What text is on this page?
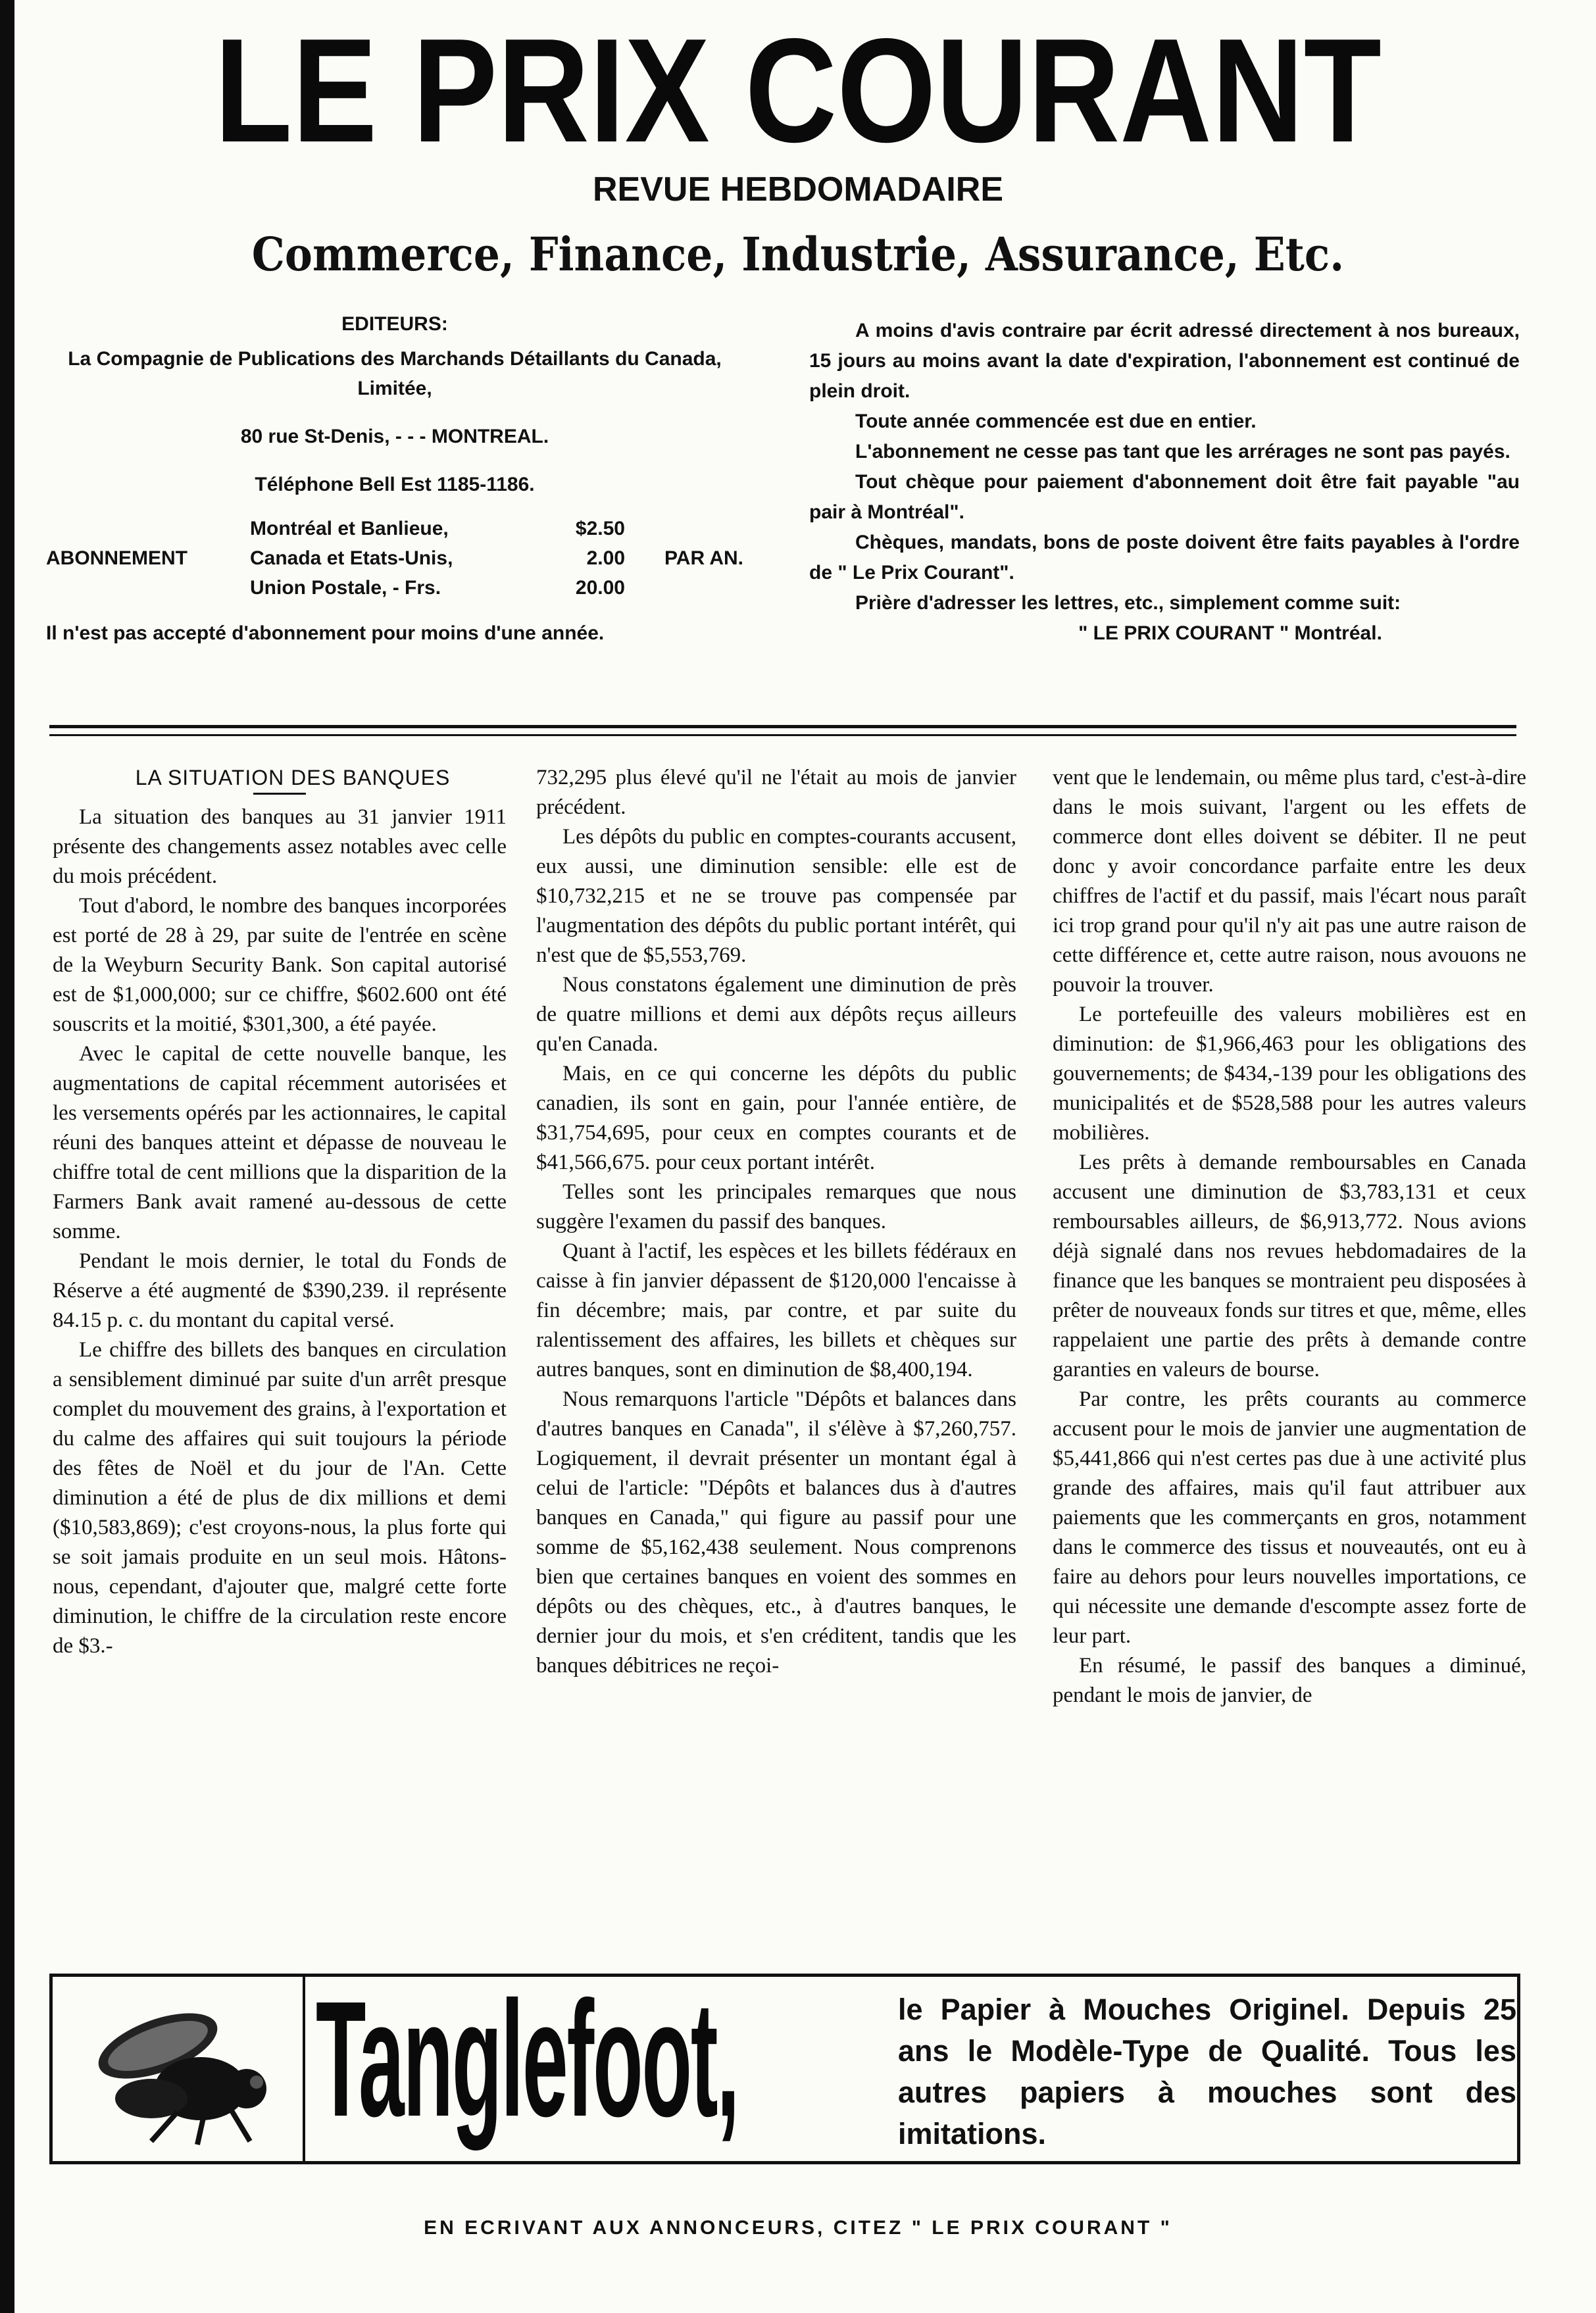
LE PRIX COURANT
REVUE HEBDOMADAIRE
Commerce, Finance, Industrie, Assurance, Etc.
EDITEURS:
La Compagnie de Publications des Marchands Détaillants du Canada, Limitée,
80 rue St-Denis, - - - MONTREAL.
Téléphone Bell Est 1185-1186.
ABONNEMENT
Montréal et Banlieue,	$2.50
Canada et Etats-Unis,	2.00
Union Postale, - Frs.	20.00
PAR AN.
Il n'est pas accepté d'abonnement pour moins d'une année.

A moins d'avis contraire par écrit adressé directement à nos bureaux, 15 jours au moins avant la date d'expiration, l'abonnement est continué de plein droit.

Toute année commencée est due en entier.

L'abonnement ne cesse pas tant que les arrérages ne sont pas payés.

Tout chèque pour paiement d'abonnement doit être fait payable "au pair à Montréal".

Chèques, mandats, bons de poste doivent être faits payables à l'ordre de " Le Prix Courant".

Prière d'adresser les lettres, etc., simplement comme suit:

" LE PRIX COURANT " Montréal.

LA SITUATION DES BANQUES

La situation des banques au 31 janvier 1911 présente des changements assez notables avec celle du mois précédent.

Tout d'abord, le nombre des banques incorporées est porté de 28 à 29, par suite de l'entrée en scène de la Weyburn Security Bank. Son capital autorisé est de $1,000,000; sur ce chiffre, $602.600 ont été souscrits et la moitié, $301,300, a été payée.

Avec le capital de cette nouvelle banque, les augmentations de capital récemment autorisées et les versements opérés par les actionnaires, le capital réuni des banques atteint et dépasse de nouveau le chiffre total de cent millions que la disparition de la Farmers Bank avait ramené au-dessous de cette somme.

Pendant le mois dernier, le total du Fonds de Réserve a été augmenté de $390,239. il représente 84.15 p. c. du montant du capital versé.

Le chiffre des billets des banques en circulation a sensiblement diminué par suite d'un arrêt presque complet du mouvement des grains, à l'exportation et du calme des affaires qui suit toujours la période des fêtes de Noël et du jour de l'An. Cette diminution a été de plus de dix millions et demi ($10,583,869); c'est croyons-nous, la plus forte qui se soit jamais produite en un seul mois. Hâtons-nous, cependant, d'ajouter que, malgré cette forte diminution, le chiffre de la circulation reste encore de $3.-

732,295 plus élevé qu'il ne l'était au mois de janvier précédent.

Les dépôts du public en comptes-courants accusent, eux aussi, une diminution sensible: elle est de $10,732,215 et ne se trouve pas compensée par l'augmentation des dépôts du public portant intérêt, qui n'est que de $5,553,769.

Nous constatons également une diminution de près de quatre millions et demi aux dépôts reçus ailleurs qu'en Canada.

Mais, en ce qui concerne les dépôts du public canadien, ils sont en gain, pour l'année entière, de $31,754,695, pour ceux en comptes courants et de $41,566,675. pour ceux portant intérêt.

Telles sont les principales remarques que nous suggère l'examen du passif des banques.

Quant à l'actif, les espèces et les billets fédéraux en caisse à fin janvier dépassent de $120,000 l'encaisse à fin décembre; mais, par contre, et par suite du ralentissement des affaires, les billets et chèques sur autres banques, sont en diminution de $8,400,194.

Nous remarquons l'article "Dépôts et balances dans d'autres banques en Canada", il s'élève à $7,260,757. Logiquement, il devrait présenter un montant égal à celui de l'article: "Dépôts et balances dus à d'autres banques en Canada," qui figure au passif pour une somme de $5,162,438 seulement. Nous comprenons bien que certaines banques en voient des sommes en dépôts ou des chèques, etc., à d'autres banques, le dernier jour du mois, et s'en créditent, tandis que les banques débitrices ne reçoi-

vent que le lendemain, ou même plus tard, c'est-à-dire dans le mois suivant, l'argent ou les effets de commerce dont elles doivent se débiter. Il ne peut donc y avoir concordance parfaite entre les deux chiffres de l'actif et du passif, mais l'écart nous paraît ici trop grand pour qu'il n'y ait pas une autre raison de cette différence et, cette autre raison, nous avouons ne pouvoir la trouver.

Le portefeuille des valeurs mobilières est en diminution: de $1,966,463 pour les obligations des gouvernements; de $434,-139 pour les obligations des municipalités et de $528,588 pour les autres valeurs mobilières.

Les prêts à demande remboursables en Canada accusent une diminution de $3,783,131 et ceux remboursables ailleurs, de $6,913,772. Nous avions déjà signalé dans nos revues hebdomadaires de la finance que les banques se montraient peu disposées à prêter de nouveaux fonds sur titres et que, même, elles rappelaient une partie des prêts à demande contre garanties en valeurs de bourse.

Par contre, les prêts courants au commerce accusent pour le mois de janvier une augmentation de $5,441,866 qui n'est certes pas due à une activité plus grande des affaires, mais qu'il faut attribuer aux paiements que les commerçants en gros, notamment dans le commerce des tissus et nouveautés, ont eu à faire au dehors pour leurs nouvelles importations, ce qui nécessite une demande d'escompte assez forte de leur part.

En résumé, le passif des banques a diminué, pendant le mois de janvier, de

Tanglefoot,	le Papier à Mouches Originel. Depuis 25 ans le Modèle-Type de Qualité. Tous les autres papiers à mouches sont des imitations.
EN ECRIVANT AUX ANNONCEURS, CITEZ " LE PRIX COURANT "
